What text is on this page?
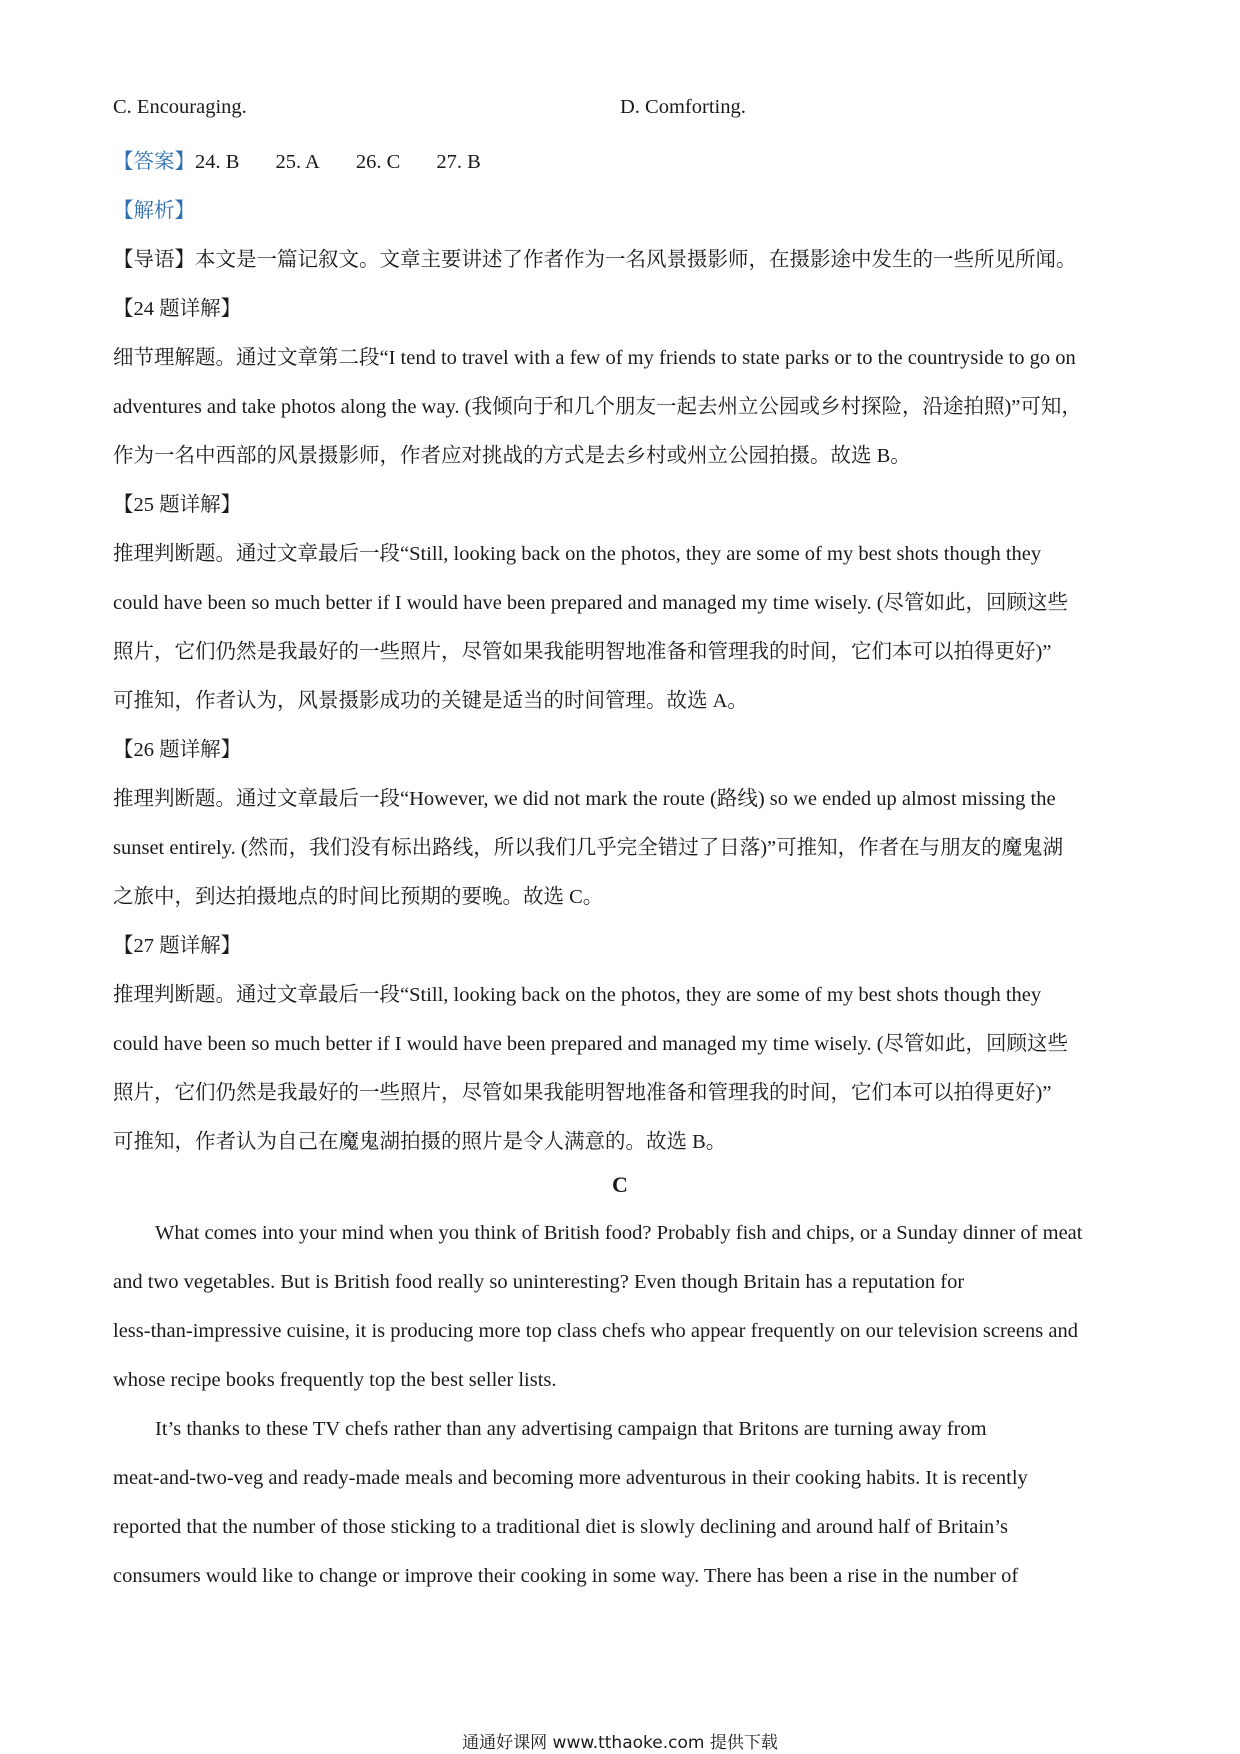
C. Encouraging.	D. Comforting.
【答案】24. B 25. A 26. C 27. B
【解析】
【导语】本文是一篇记叙文。文章主要讲述了作者作为一名风景摄影师，在摄影途中发生的一些所见所闻。
【24 题详解】
细节理解题。通过文章第二段“I tend to travel with a few of my friends to state parks or to the countryside to go on
adventures and take photos along the way. (我倾向于和几个朋友一起去州立公园或乡村探险，沿途拍照)”可知，
作为一名中西部的风景摄影师，作者应对挑战的方式是去乡村或州立公园拍摄。故选 B。
【25 题详解】
推理判断题。通过文章最后一段“Still, looking back on the photos, they are some of my best shots though they
could have been so much better if I would have been prepared and managed my time wisely. (尽管如此，回顾这些
照片，它们仍然是我最好的一些照片，尽管如果我能明智地准备和管理我的时间，它们本可以拍得更好)”
可推知，作者认为，风景摄影成功的关键是适当的时间管理。故选 A。
【26 题详解】
推理判断题。通过文章最后一段“However, we did not mark the route (路线) so we ended up almost missing the
sunset entirely. (然而，我们没有标出路线，所以我们几乎完全错过了日落)”可推知，作者在与朋友的魔鬼湖
之旅中，到达拍摄地点的时间比预期的要晚。故选 C。
【27 题详解】
推理判断题。通过文章最后一段“Still, looking back on the photos, they are some of my best shots though they
could have been so much better if I would have been prepared and managed my time wisely. (尽管如此，回顾这些
照片，它们仍然是我最好的一些照片，尽管如果我能明智地准备和管理我的时间，它们本可以拍得更好)”
可推知，作者认为自己在魔鬼湖拍摄的照片是令人满意的。故选 B。
C
What comes into your mind when you think of British food? Probably fish and chips, or a Sunday dinner of meat
and two vegetables. But is British food really so uninteresting? Even though Britain has a reputation for
less-than-impressive cuisine, it is producing more top class chefs who appear frequently on our television screens and
whose recipe books frequently top the best seller lists.
It’s thanks to these TV chefs rather than any advertising campaign that Britons are turning away from
meat-and-two-veg and ready-made meals and becoming more adventurous in their cooking habits. It is recently
reported that the number of those sticking to a traditional diet is slowly declining and around half of Britain’s
consumers would like to change or improve their cooking in some way. There has been a rise in the number of
通通好课网 www.tthaoke.com 提供下载
